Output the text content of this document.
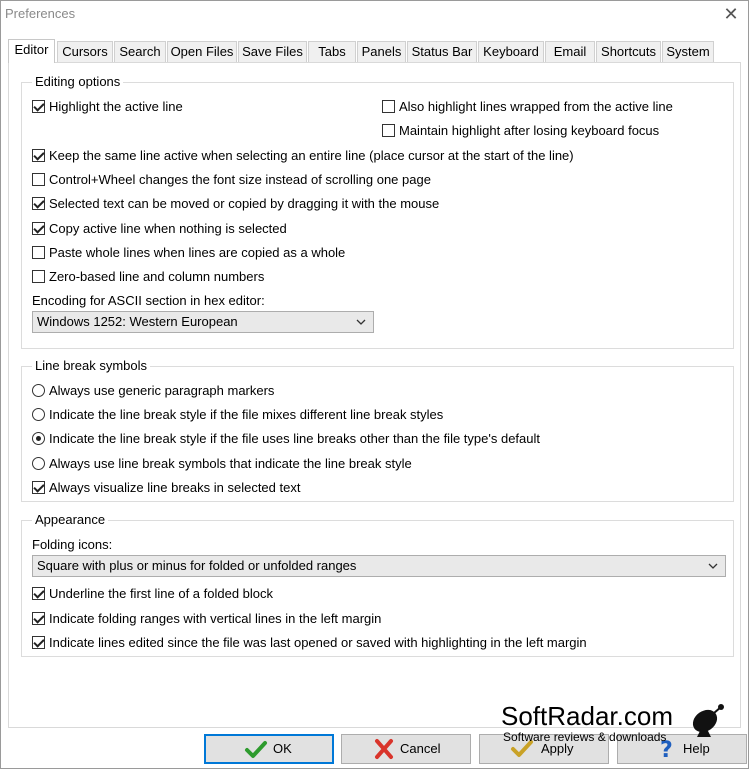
Preferences	✕
Editor	Cursors Search Open Files Save Files	Tabs	Panels Status Bar Keyboard	Email	Shortcuts System
Editing options
Highlight the active line	Also highlight lines wrapped from the active line
Maintain highlight after losing keyboard focus
Keep the same line active when selecting an entire line (place cursor at the start of the line)
Control+Wheel changes the font size instead of scrolling one page
Selected text can be moved or copied by dragging it with the mouse
Copy active line when nothing is selected
Paste whole lines when lines are copied as a whole
Zero-based line and column numbers
Encoding for ASCII section in hex editor:
Windows 1252: Western European
Line break symbols
Always use generic paragraph markers
Indicate the line break style if the file mixes different line break styles
Indicate the line break style if the file uses line breaks other than the file type's default
Always use line break symbols that indicate the line break style
Always visualize line breaks in selected text
Appearance
Folding icons:
Square with plus or minus for folded or unfolded ranges
Underline the first line of a folded block
Indicate folding ranges with vertical lines in the left margin
Indicate lines edited since the file was last opened or saved with highlighting in the left margin
OK	Cancel	Apply	? Help
SoftRadar.com
Software reviews & downloads
